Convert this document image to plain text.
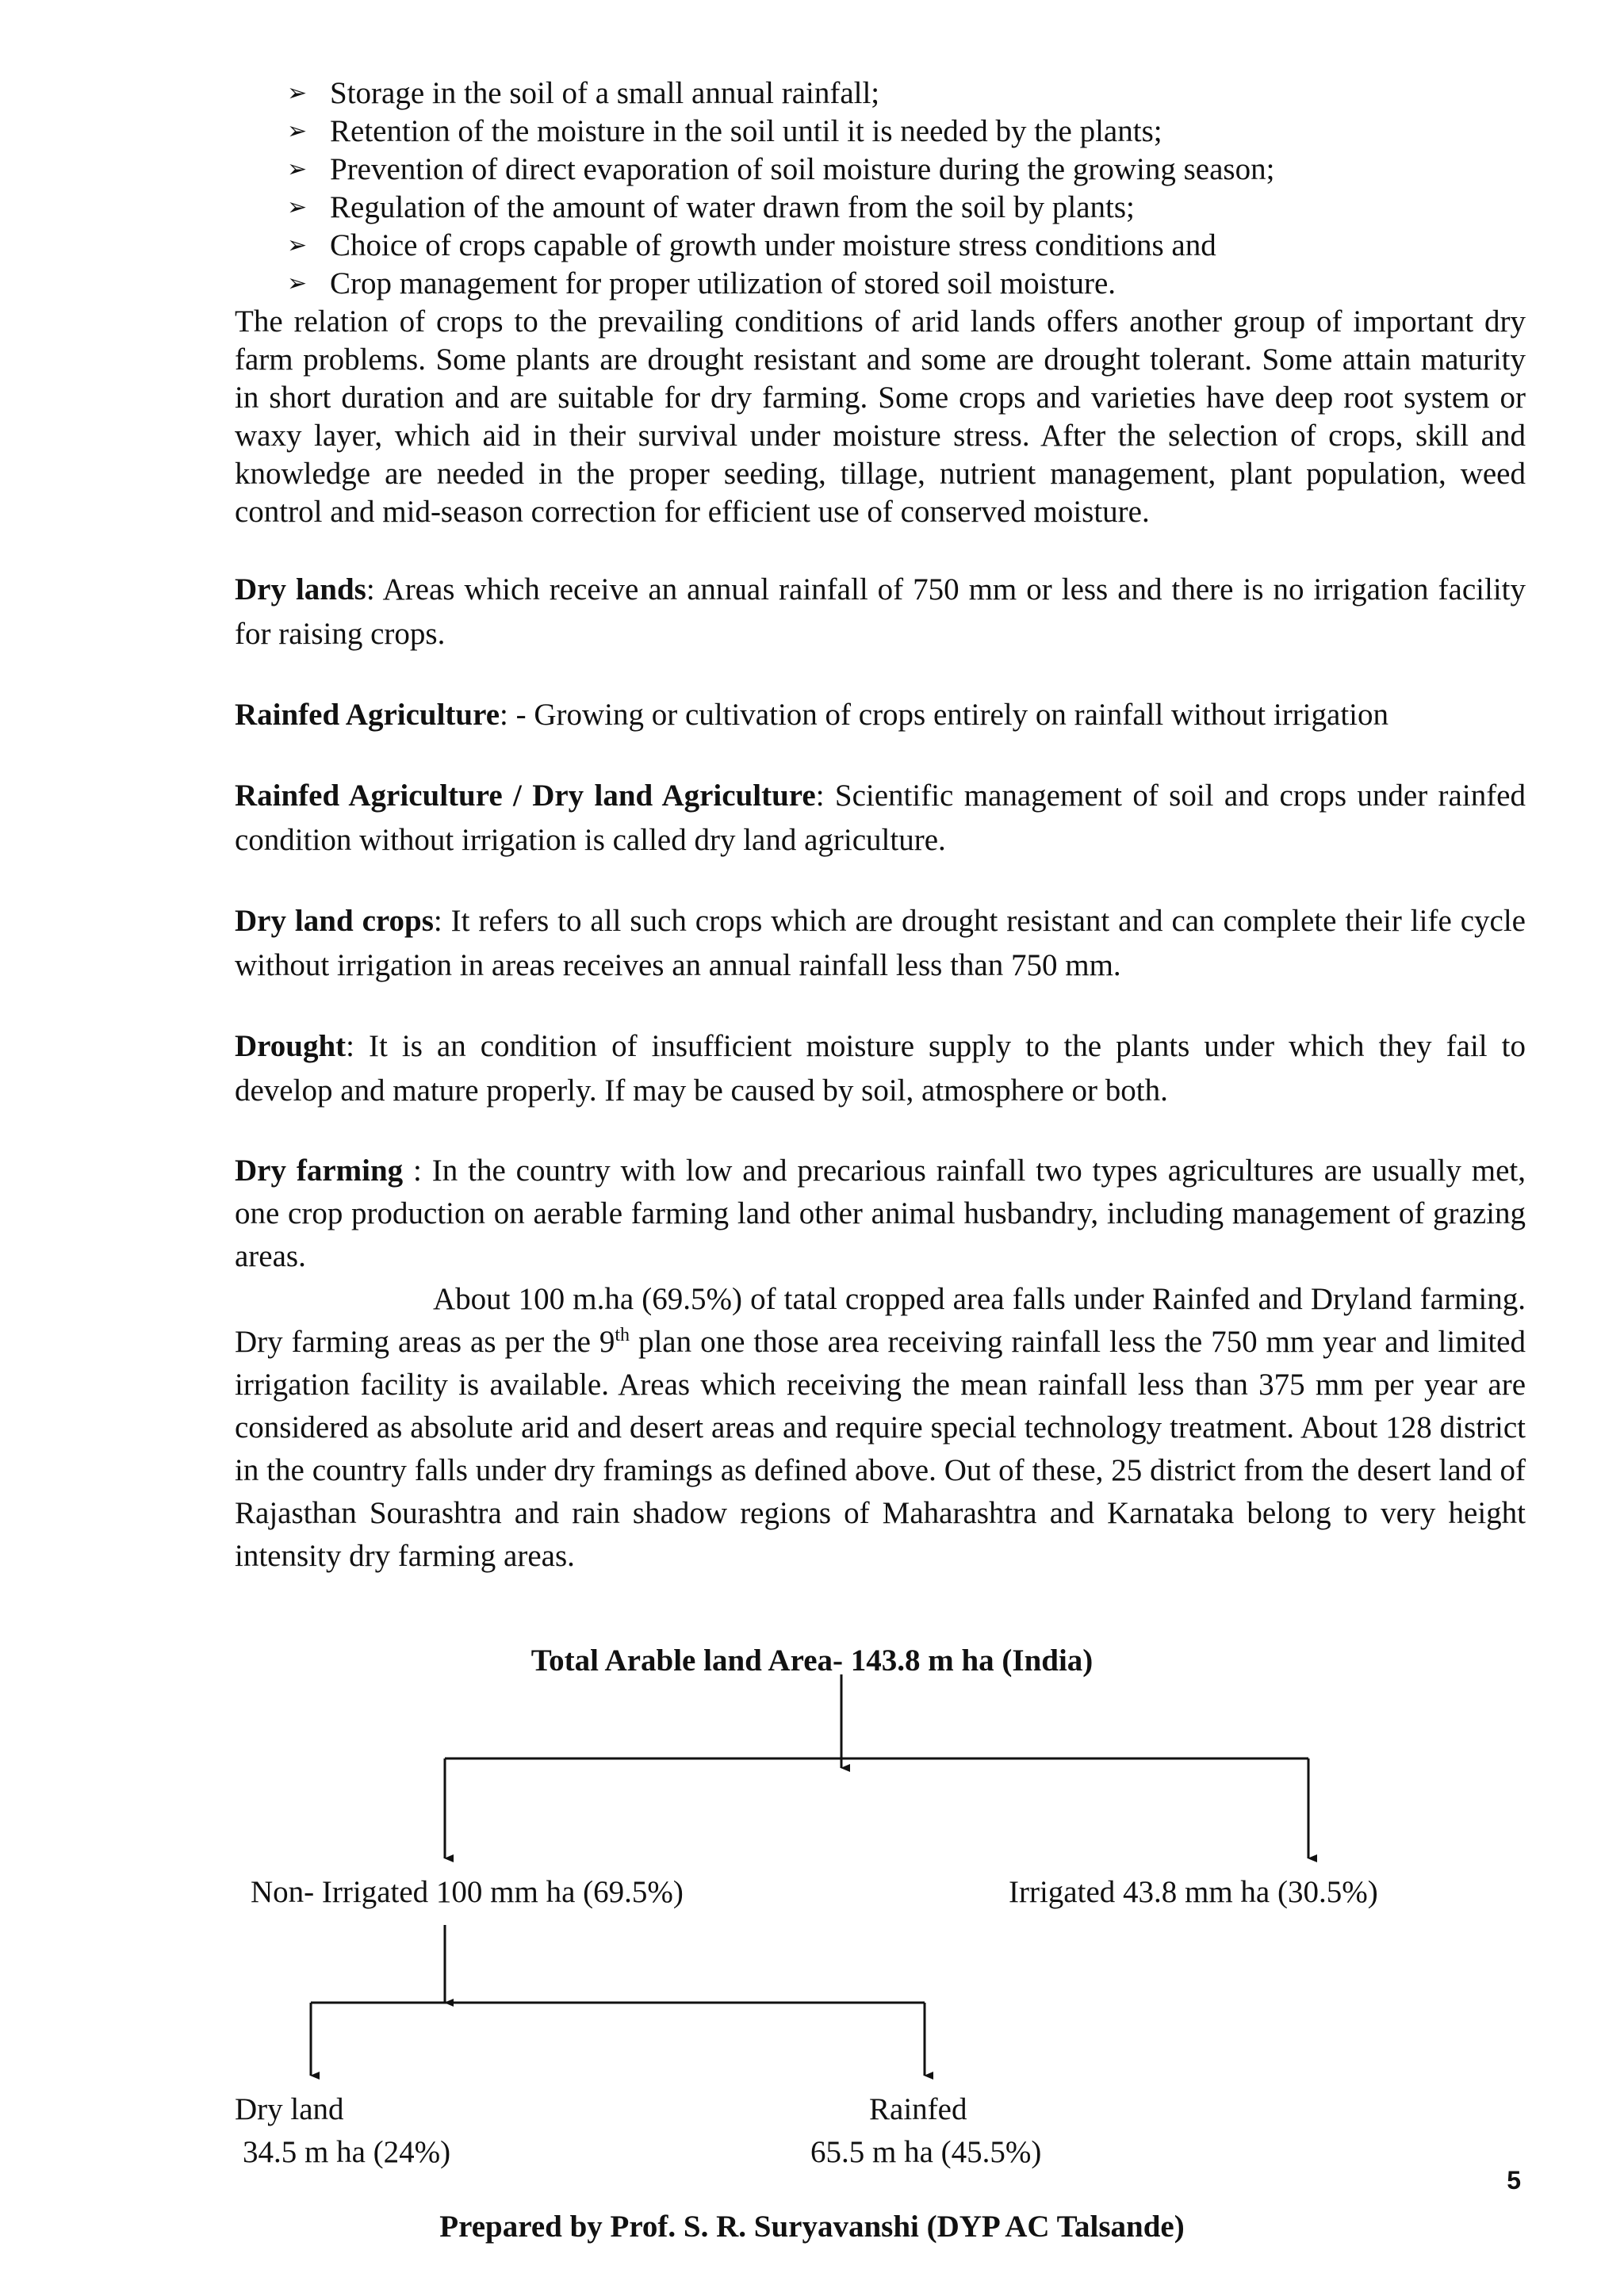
➢ Storage in the soil of a small annual rainfall;
➢ Retention of the moisture in the soil until it is needed by the plants;
➢ Prevention of direct evaporation of soil moisture during the growing season;
➢ Regulation of the amount of water drawn from the soil by plants;
➢ Choice of crops capable of growth under moisture stress conditions and
➢ Crop management for proper utilization of stored soil moisture.

The relation of crops to the prevailing conditions of arid lands offers another group of important dry farm problems. Some plants are drought resistant and some are drought tolerant. Some attain maturity in short duration and are suitable for dry farming. Some crops and varieties have deep root system or waxy layer, which aid in their survival under moisture stress. After the selection of crops, skill and knowledge are needed in the proper seeding, tillage, nutrient management, plant population, weed control and mid-season correction for efficient use of conserved moisture.

Dry lands: Areas which receive an annual rainfall of 750 mm or less and there is no irrigation facility for raising crops.

Rainfed Agriculture: - Growing or cultivation of crops entirely on rainfall without irrigation

Rainfed Agriculture / Dry land Agriculture: Scientific management of soil and crops under rainfed condition without irrigation is called dry land agriculture.

Dry land crops: It refers to all such crops which are drought resistant and can complete their life cycle without irrigation in areas receives an annual rainfall less than 750 mm.

Drought: It is an condition of insufficient moisture supply to the plants under which they fail to develop and mature properly. If may be caused by soil, atmosphere or both.

Dry farming : In the country with low and precarious rainfall two types agricultures are usually met, one crop production on aerable farming land other animal husbandry, including management of grazing areas.

About 100 m.ha (69.5%) of tatal cropped area falls under Rainfed and Dryland farming. Dry farming areas as per the 9th plan one those area receiving rainfall less the 750 mm year and limited irrigation facility is available. Areas which receiving the mean rainfall less than 375 mm per year are considered as absolute arid and desert areas and require special technology treatment. About 128 district in the country falls under dry framings as defined above. Out of these, 25 district from the desert land of Rajasthan Sourashtra and rain shadow regions of Maharashtra and Karnataka belong to very height intensity dry farming areas.

Total Arable land Area- 143.8 m ha (India)
Non- Irrigated 100 mm ha (69.5%)	Irrigated 43.8 mm ha (30.5%)
Dry land
34.5 m ha (24%)
Rainfed
65.5 m ha (45.5%)
5
Prepared by Prof. S. R. Suryavanshi (DYP AC Talsande)
